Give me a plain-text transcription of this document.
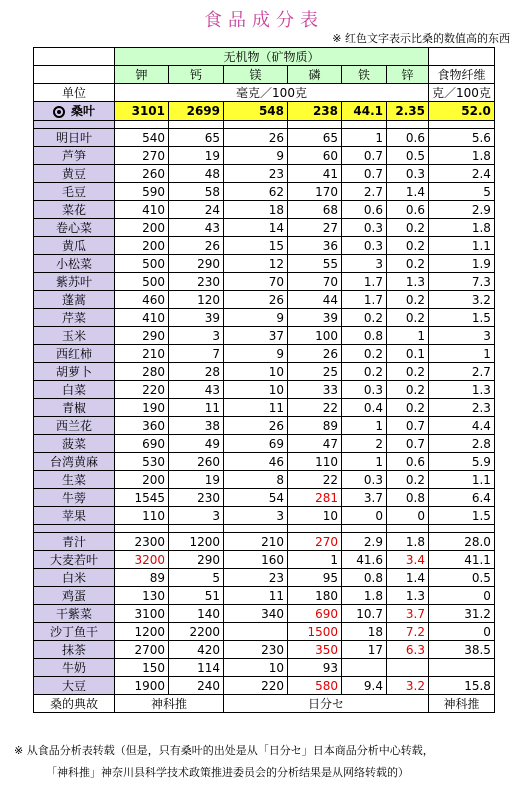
食品成分表
※ 红色文字表示比桑的数值高的东西
	无机物（矿物质）						
	钾	钙	镁	磷	铁	锌	食物纤维
单位	毫克／100克						克／100克
桑叶	3101	2699	548	238	44.1	2.35	52.0

明日叶	540	65	26	65	1	0.6	5.6
芦笋	270	19	9	60	0.7	0.5	1.8
黄豆	260	48	23	41	0.7	0.3	2.4
毛豆	590	58	62	170	2.7	1.4	5
菜花	410	24	18	68	0.6	0.6	2.9
卷心菜	200	43	14	27	0.3	0.2	1.8
黄瓜	200	26	15	36	0.3	0.2	1.1
小松菜	500	290	12	55	3	0.2	1.9
紫苏叶	500	230	70	70	1.7	1.3	7.3
蓬蒿	460	120	26	44	1.7	0.2	3.2
芹菜	410	39	9	39	0.2	0.2	1.5
玉米	290	3	37	100	0.8	1	3
西红柿	210	7	9	26	0.2	0.1	1
胡萝卜	280	28	10	25	0.2	0.2	2.7
白菜	220	43	10	33	0.3	0.2	1.3
青椒	190	11	11	22	0.4	0.2	2.3
西兰花	360	38	26	89	1	0.7	4.4
菠菜	690	49	69	47	2	0.7	2.8
台湾黄麻	530	260	46	110	1	0.6	5.9
生菜	200	19	8	22	0.3	0.2	1.1
牛蒡	1545	230	54	281	3.7	0.8	6.4
苹果	110	3	3	10	0	0	1.5

青汁	2300	1200	210	270	2.9	1.8	28.0
大麦若叶	3200	290	160	1	41.6	3.4	41.1
白米	89	5	23	95	0.8	1.4	0.5
鸡蛋	130	51	11	180	1.8	1.3	0
干紫菜	3100	140	340	690	10.7	3.7	31.2
沙丁鱼干	1200	2200		1500	18	7.2	0
抹茶	2700	420	230	350	17	6.3	38.5
牛奶	150	114	10	93			
大豆	1900	240	220	580	9.4	3.2	15.8
桑的典故	神科推		日分セ				神科推
※ 从食品分析表转载（但是，只有桑叶的出处是从「日分セ」日本商品分析中心转载，
「神科推」神奈川县科学技术政策推进委员会的分析结果是从网络转载的）
